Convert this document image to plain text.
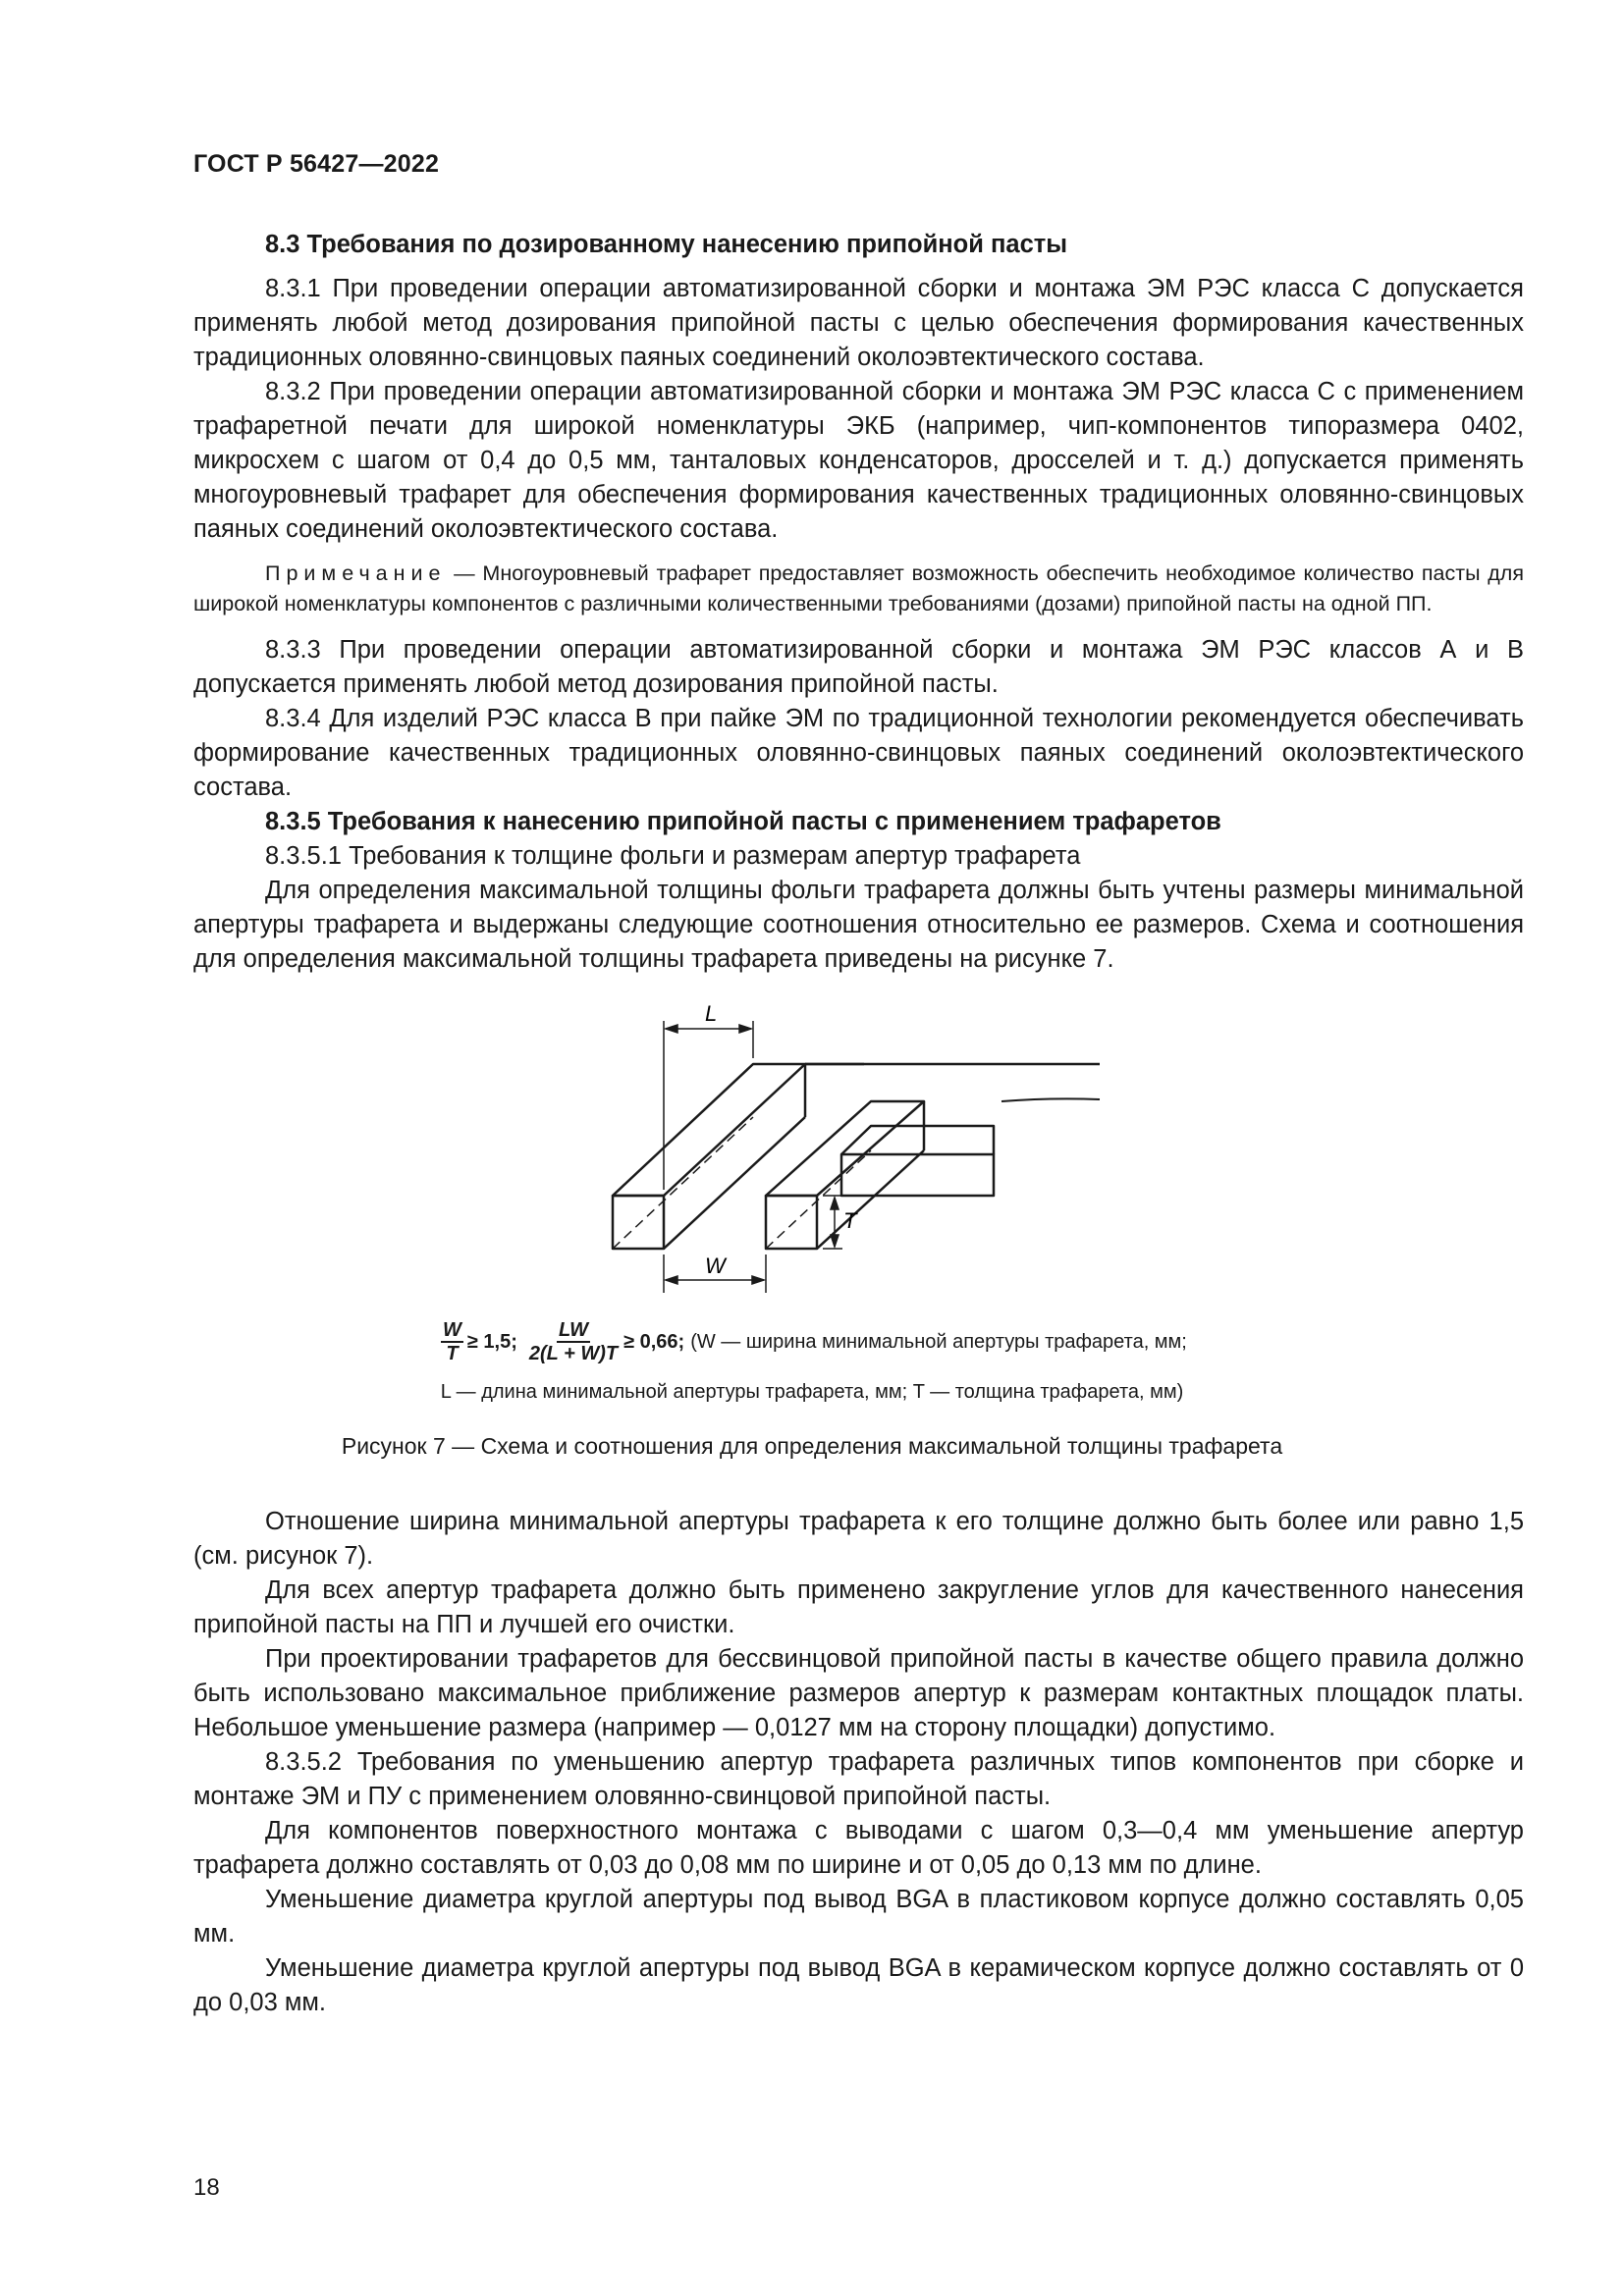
ГОСТ Р 56427—2022

8.3 Требования по дозированному нанесению припойной пасты

8.3.1 При проведении операции автоматизированной сборки и монтажа ЭМ РЭС класса С допускается применять любой метод дозирования припойной пасты с целью обеспечения формирования качественных традиционных оловянно-свинцовых паяных соединений околоэвтектического состава.

8.3.2 При проведении операции автоматизированной сборки и монтажа ЭМ РЭС класса С с применением трафаретной печати для широкой номенклатуры ЭКБ (например, чип-компонентов типоразмера 0402, микросхем с шагом от 0,4 до 0,5 мм, танталовых конденсаторов, дросселей и т. д.) допускается применять многоуровневый трафарет для обеспечения формирования качественных традиционных оловянно-свинцовых паяных соединений околоэвтектического состава.

Примечание — Многоуровневый трафарет предоставляет возможность обеспечить необходимое количество пасты для широкой номенклатуры компонентов с различными количественными требованиями (дозами) припойной пасты на одной ПП.

8.3.3 При проведении операции автоматизированной сборки и монтажа ЭМ РЭС классов А и В допускается применять любой метод дозирования припойной пасты.

8.3.4 Для изделий РЭС класса В при пайке ЭМ по традиционной технологии рекомендуется обеспечивать формирование качественных традиционных оловянно-свинцовых паяных соединений околоэвтектического состава.

8.3.5 Требования к нанесению припойной пасты с применением трафаретов

8.3.5.1 Требования к толщине фольги и размерам апертур трафарета

Для определения максимальной толщины фольги трафарета должны быть учтены размеры минимальной апертуры трафарета и выдержаны следующие соотношения относительно ее размеров. Схема и соотношения для определения максимальной толщины трафарета приведены на рисунке 7.

L
W
T
$\frac{W}{T} \ge 1,5$; $\frac{LW}{2(L + W)T} \ge 0,66$; (W — ширина минимальной апертуры трафарета, мм;
L — длина минимальной апертуры трафарета, мм; T — толщина трафарета, мм)
Рисунок 7 — Схема и соотношения для определения максимальной толщины трафарета

Отношение ширина минимальной апертуры трафарета к его толщине должно быть более или равно 1,5 (см. рисунок 7).

Для всех апертур трафарета должно быть применено закругление углов для качественного нанесения припойной пасты на ПП и лучшей его очистки.

При проектировании трафаретов для бессвинцовой припойной пасты в качестве общего правила должно быть использовано максимальное приближение размеров апертур к размерам контактных площадок платы. Небольшое уменьшение размера (например — 0,0127 мм на сторону площадки) допустимо.

8.3.5.2 Требования по уменьшению апертур трафарета различных типов компонентов при сборке и монтаже ЭМ и ПУ с применением оловянно-свинцовой припойной пасты.

Для компонентов поверхностного монтажа с выводами с шагом 0,3—0,4 мм уменьшение апертур трафарета должно составлять от 0,03 до 0,08 мм по ширине и от 0,05 до 0,13 мм по длине.

Уменьшение диаметра круглой апертуры под вывод BGA в пластиковом корпусе должно составлять 0,05 мм.

Уменьшение диаметра круглой апертуры под вывод BGA в керамическом корпусе должно составлять от 0 до 0,03 мм.

18
